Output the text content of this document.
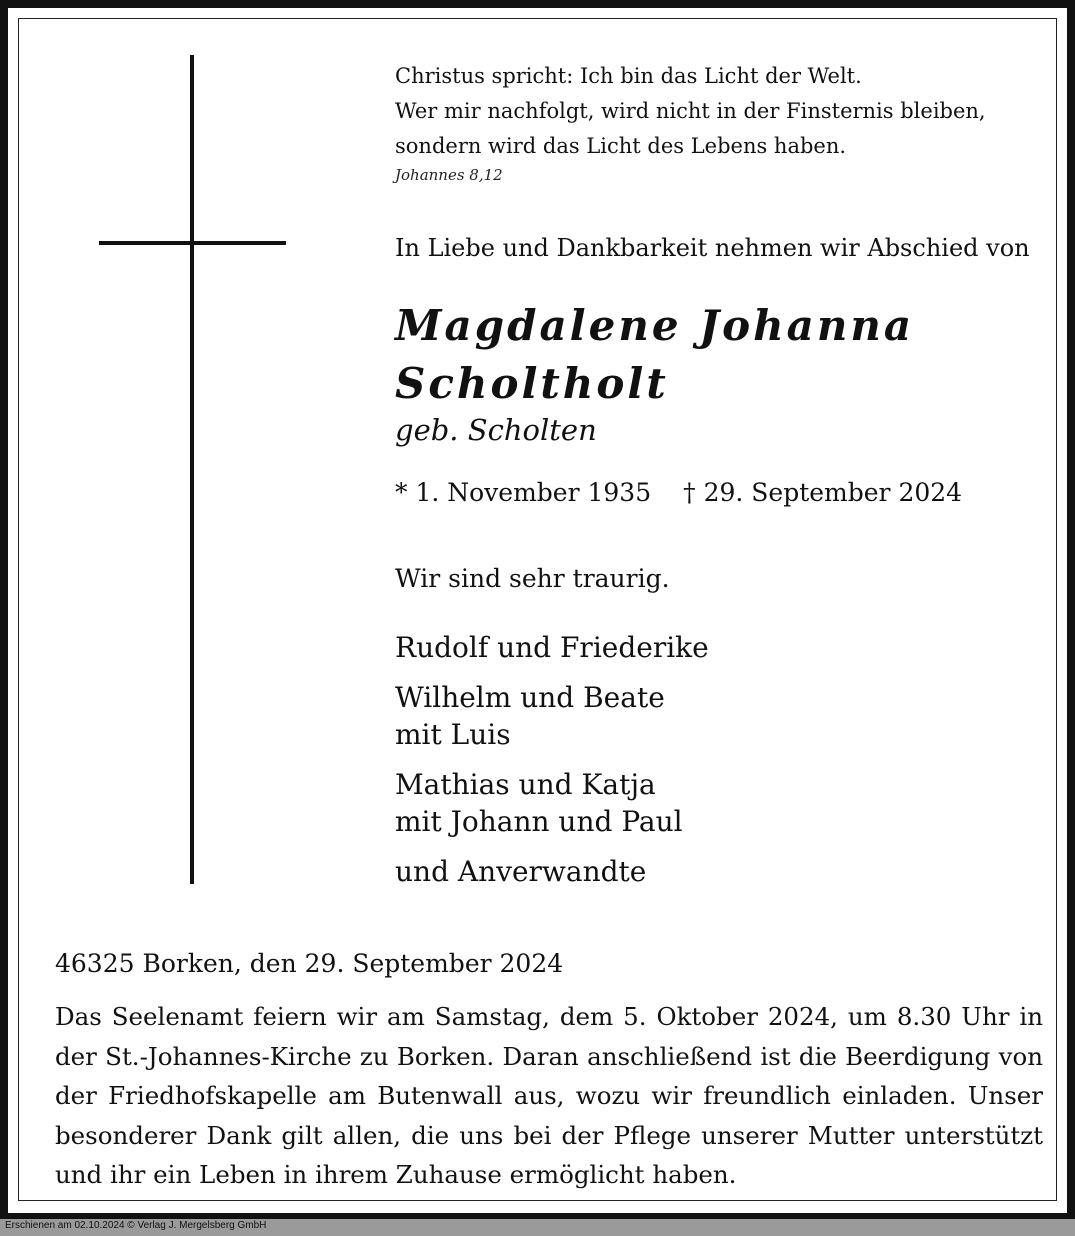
Christus spricht: Ich bin das Licht der Welt.
Wer mir nachfolgt, wird nicht in der Finsternis bleiben,
sondern wird das Licht des Lebens haben.
Johannes 8,12
In Liebe und Dankbarkeit nehmen wir Abschied von
Magdalene Johanna
Scholtholt
geb. Scholten
* 1. November 1935 † 29. September 2024
Wir sind sehr traurig.
Rudolf und Friederike
Wilhelm und Beate
mit Luis
Mathias und Katja
mit Johann und Paul
und Anverwandte
46325 Borken, den 29. September 2024
Das Seelenamt feiern wir am Samstag, dem 5. Oktober 2024, um 8.30 Uhr in der St.-Johannes-Kirche zu Borken. Daran anschließend ist die Beerdigung von der Friedhofskapelle am Butenwall aus, wozu wir freundlich einladen. Unser besonderer Dank gilt allen, die uns bei der Pflege unserer Mutter unterstützt und ihr ein Leben in ihrem Zuhause ermöglicht haben.
Erschienen am 02.10.2024 © Verlag J. Mergelsberg GmbH
